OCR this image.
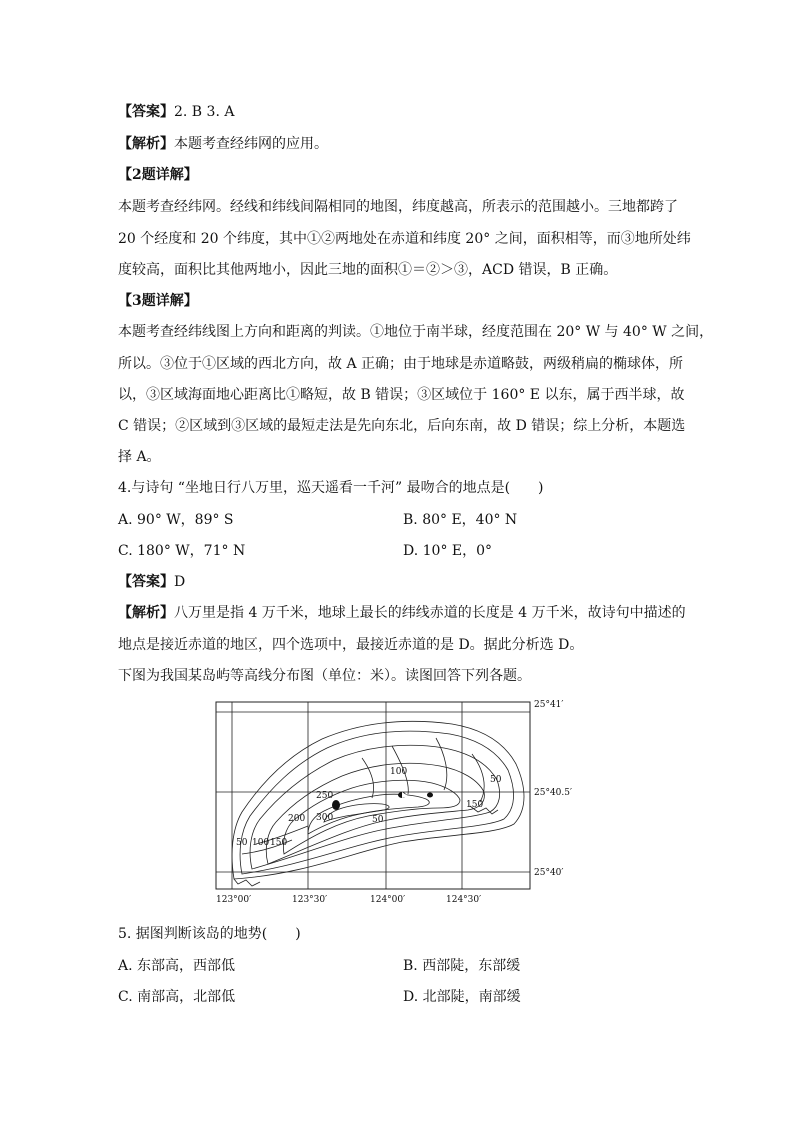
【答案】2. B 3. A
【解析】本题考查经纬网的应用。
【2题详解】
本题考查经纬网。经线和纬线间隔相同的地图，纬度越高，所表示的范围越小。三地都跨了
20 个经度和 20 个纬度，其中①②两地处在赤道和纬度 20° 之间，面积相等，而③地所处纬
度较高，面积比其他两地小，因此三地的面积①＝②＞③，ACD 错误，B 正确。
【3题详解】
本题考查经纬线图上方向和距离的判读。①地位于南半球，经度范围在 20° W 与 40° W 之间，
所以。③位于①区域的西北方向，故 A 正确；由于地球是赤道略鼓，两级稍扁的椭球体，所
以，③区域海面地心距离比①略短，故 B 错误；③区域位于 160° E 以东，属于西半球，故
C 错误；②区域到③区域的最短走法是先向东北，后向东南，故 D 错误；综上分析，本题选
择 A。
4.与诗句 “坐地日行八万里，巡天遥看一千河” 最吻合的地点是(　　)
A. 90° W，89° S	B. 80° E，40° N
C. 180° W，71° N	D. 10° E，0°
【答案】D
【解析】八万里是指 4 万千米，地球上最长的纬线赤道的长度是 4 万千米，故诗句中描述的
地点是接近赤道的地区，四个选项中，最接近赤道的是 D。据此分析选 D。
下图为我国某岛屿等高线分布图（单位：米）。读图回答下列各题。
250
300
200
50 100 150
100
50
150
50
25°41′
25°40.5′
25°40′
123°00′	123°30′	124°00′	124°30′
5. 据图判断该岛的地势(　　)
A. 东部高，西部低	B. 西部陡，东部缓
C. 南部高，北部低	D. 北部陡，南部缓
